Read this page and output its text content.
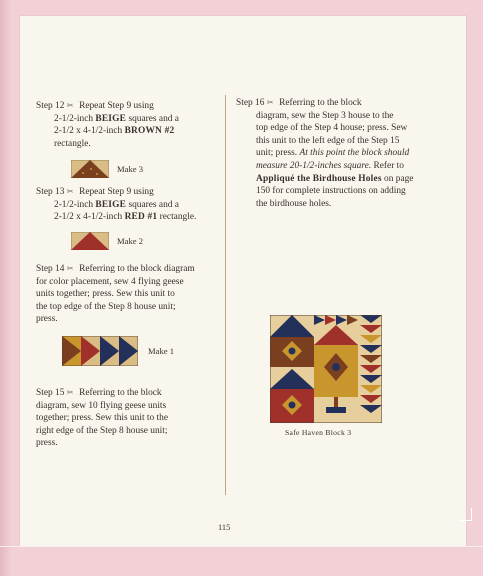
Step 12 ✂ Repeat Step 9 using
2-1/2-inch BEIGE squares and a
2-1/2 x 4-1/2-inch BROWN #2
rectangle.
Make 3
Step 13 ✂ Repeat Step 9 using
2-1/2-inch BEIGE squares and a
2-1/2 x 4-1/2-inch RED #1 rectangle.
Make 2
Step 14 ✂ Referring to the block diagram
for color placement, sew 4 flying geese
units together; press. Sew this unit to
the top edge of the Step 8 house unit;
press.
Make 1
Step 15 ✂ Referring to the block
diagram, sew 10 flying geese units
together; press. Sew this unit to the
right edge of the Step 8 house unit;
press.
Step 16 ✂ Referring to the block
diagram, sew the Step 3 house to the
top edge of the Step 4 house; press. Sew
this unit to the left edge of the Step 15
unit; press. At this point the block should
measure 20-1/2-inches square. Refer to
Appliqué the Birdhouse Holes on page
150 for complete instructions on adding
the birdhouse holes.
Safe Haven Block 3
115
